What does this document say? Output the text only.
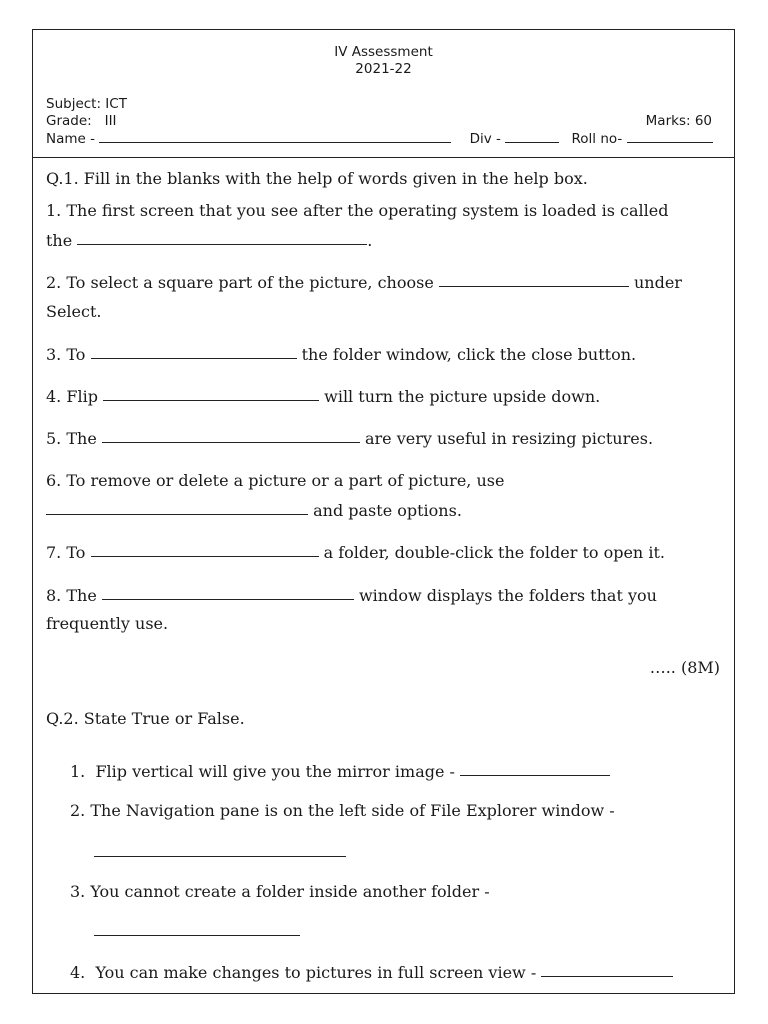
IV Assessment
2021-22
Subject: ICT
Grade:   III	Marks: 60
Name -	Div -	Roll no-
Q.1. Fill in the blanks with the help of words given in the help box.
1. The first screen that you see after the operating system is loaded is called
the	.
2. To select a square part of the picture, choose	under
Select.
3. To	the folder window, click the close button.
4. Flip	will turn the picture upside down.
5. The	are very useful in resizing pictures.
6. To remove or delete a picture or a part of picture, use
and paste options.
7. To	a folder, double-click the folder to open it.
8. The	window displays the folders that you
frequently use.
….. (8M)
Q.2. State True or False.
1.  Flip vertical will give you the mirror image -
2. The Navigation pane is on the left side of File Explorer window -
3. You cannot create a folder inside another folder -
4.  You can make changes to pictures in full screen view -
